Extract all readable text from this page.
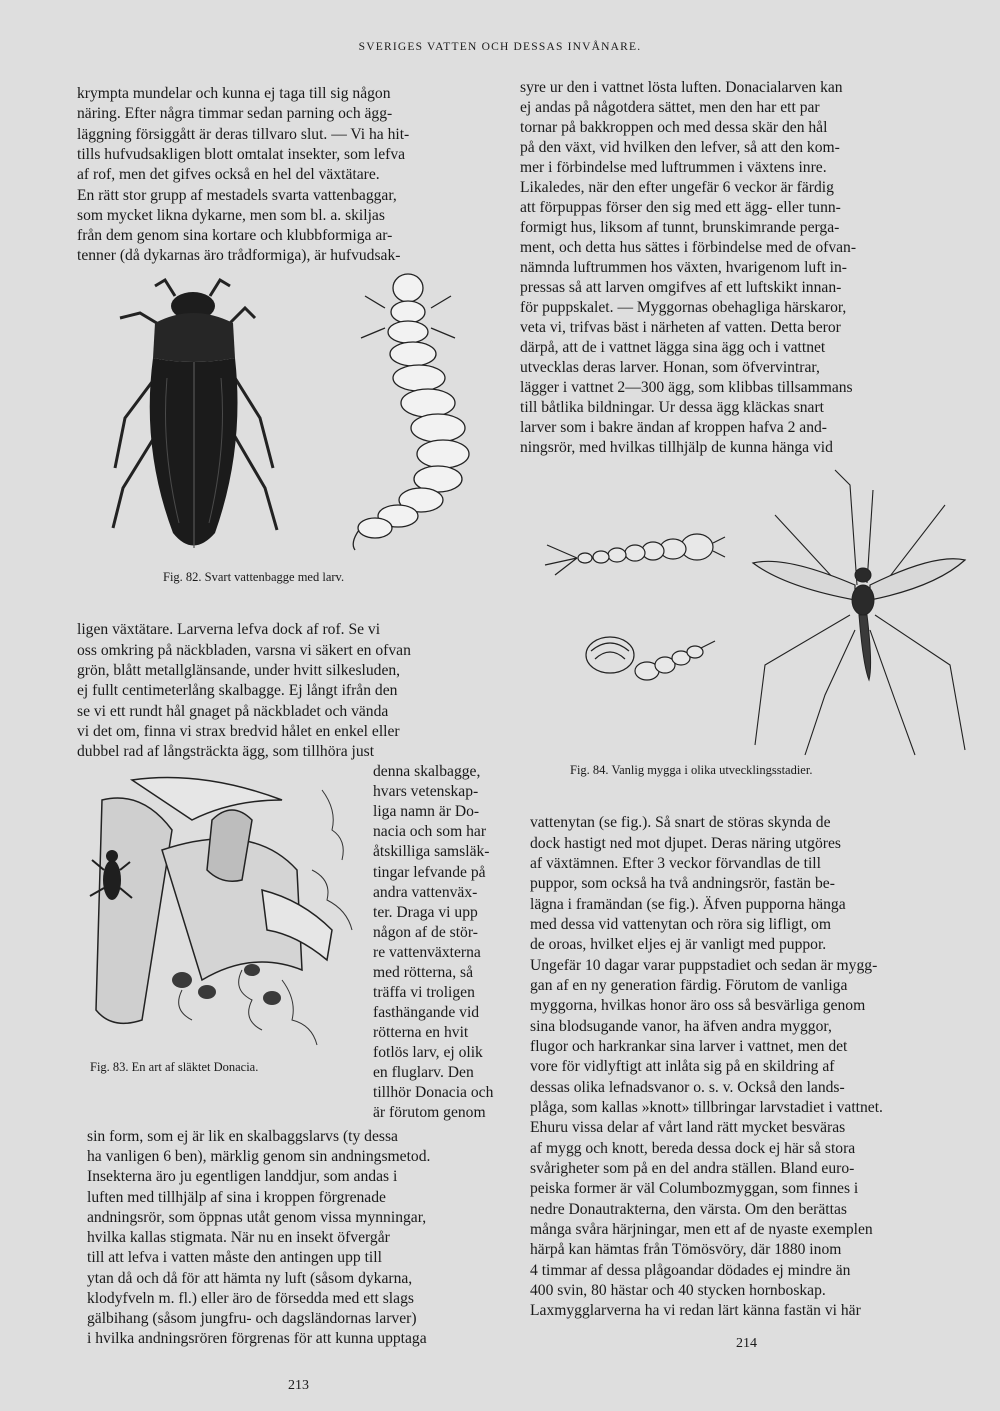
SVERIGES VATTEN OCH DESSAS INVÅNARE.
krympta mundelar och kunna ej taga till sig någon
näring. Efter några timmar sedan parning och ägg-
läggning försiggått är deras tillvaro slut. — Vi ha hit-
tills hufvudsakligen blott omtalat insekter, som lefva
af rof, men det gifves också en hel del växtätare.
En rätt stor grupp af mestadels svarta vattenbaggar,
som mycket likna dykarne, men som bl. a. skiljas
från dem genom sina kortare och klubbformiga ar-
tenner (då dykarnas äro trådformiga), är hufvudsak-
Fig. 82. Svart vattenbagge med larv.
ligen växtätare. Larverna lefva dock af rof. Se vi
oss omkring på näckbladen, varsna vi säkert en ofvan
grön, blått metallglänsande, under hvitt silkesluden,
ej fullt centimeterlång skalbagge. Ej långt ifrån den
se vi ett rundt hål gnaget på näckbladet och vända
vi det om, finna vi strax bredvid hålet en enkel eller
dubbel rad af långsträckta ägg, som tillhöra just
denna skalbagge,
hvars vetenskap-
liga namn är Do-
nacia och som har
åtskilliga samsläk-
tingar lefvande på
andra vattenväx-
ter. Draga vi upp
någon af de stör-
re vattenväxterna
med rötterna, så
träffa vi troligen
fasthängande vid
rötterna en hvit
fotlös larv, ej olik
en fluglarv. Den
tillhör Donacia och
är förutom genom
Fig. 83. En art af släktet Donacia.
sin form, som ej är lik en skalbaggslarvs (ty dessa
ha vanligen 6 ben), märklig genom sin andningsmetod.
Insekterna äro ju egentligen landdjur, som andas i
luften med tillhjälp af sina i kroppen förgrenade
andningsrör, som öppnas utåt genom vissa mynningar,
hvilka kallas stigmata. När nu en insekt öfvergår
till att lefva i vatten måste den antingen upp till
ytan då och då för att hämta ny luft (såsom dykarna,
klodyfveln m. fl.) eller äro de försedda med ett slags
gälbihang (såsom jungfru- och dagsländornas larver)
i hvilka andningsrören förgrenas för att kunna upptaga
213
syre ur den i vattnet lösta luften. Donacialarven kan
ej andas på någotdera sättet, men den har ett par
tornar på bakkroppen och med dessa skär den hål
på den växt, vid hvilken den lefver, så att den kom-
mer i förbindelse med luftrummen i växtens inre.
Likaledes, när den efter ungefär 6 veckor är färdig
att förpuppas förser den sig med ett ägg- eller tunn-
formigt hus, liksom af tunnt, brunskimrande perga-
ment, och detta hus sättes i förbindelse med de ofvan-
nämnda luftrummen hos växten, hvarigenom luft in-
pressas så att larven omgifves af ett luftskikt innan-
för puppskalet. — Myggornas obehagliga härskaror,
veta vi, trifvas bäst i närheten af vatten. Detta beror
därpå, att de i vattnet lägga sina ägg och i vattnet
utvecklas deras larver. Honan, som öfvervintrar,
lägger i vattnet 2—300 ägg, som klibbas tillsammans
till båtlika bildningar. Ur dessa ägg kläckas snart
larver som i bakre ändan af kroppen hafva 2 and-
ningsrör, med hvilkas tillhjälp de kunna hänga vid
Fig. 84. Vanlig mygga i olika utvecklingsstadier.
vattenytan (se fig.). Så snart de störas skynda de
dock hastigt ned mot djupet. Deras näring utgöres
af växtämnen. Efter 3 veckor förvandlas de till
puppor, som också ha två andningsrör, fastän be-
lägna i framändan (se fig.). Äfven pupporna hänga
med dessa vid vattenytan och röra sig lifligt, om
de oroas, hvilket eljes ej är vanligt med puppor.
Ungefär 10 dagar varar puppstadiet och sedan är mygg-
gan af en ny generation färdig. Förutom de vanliga
myggorna, hvilkas honor äro oss så besvärliga genom
sina blodsugande vanor, ha äfven andra myggor,
flugor och harkrankar sina larver i vattnet, men det
vore för vidlyftigt att inlåta sig på en skildring af
dessas olika lefnadsvanor o. s. v. Också den lands-
plåga, som kallas »knott» tillbringar larvstadiet i vattnet.
Ehuru vissa delar af vårt land rätt mycket besväras
af mygg och knott, bereda dessa dock ej här så stora
svårigheter som på en del andra ställen. Bland euro-
peiska former är väl Columbozmyggan, som finnes i
nedre Donautrakterna, den värsta. Om den berättas
många svåra härjningar, men ett af de nyaste exemplen
härpå kan hämtas från Tömösvöry, där 1880 inom
4 timmar af dessa plågoandar dödades ej mindre än
400 svin, 80 hästar och 40 stycken hornboskap.
Laxmygglarverna ha vi redan lärt känna fastän vi här
214
